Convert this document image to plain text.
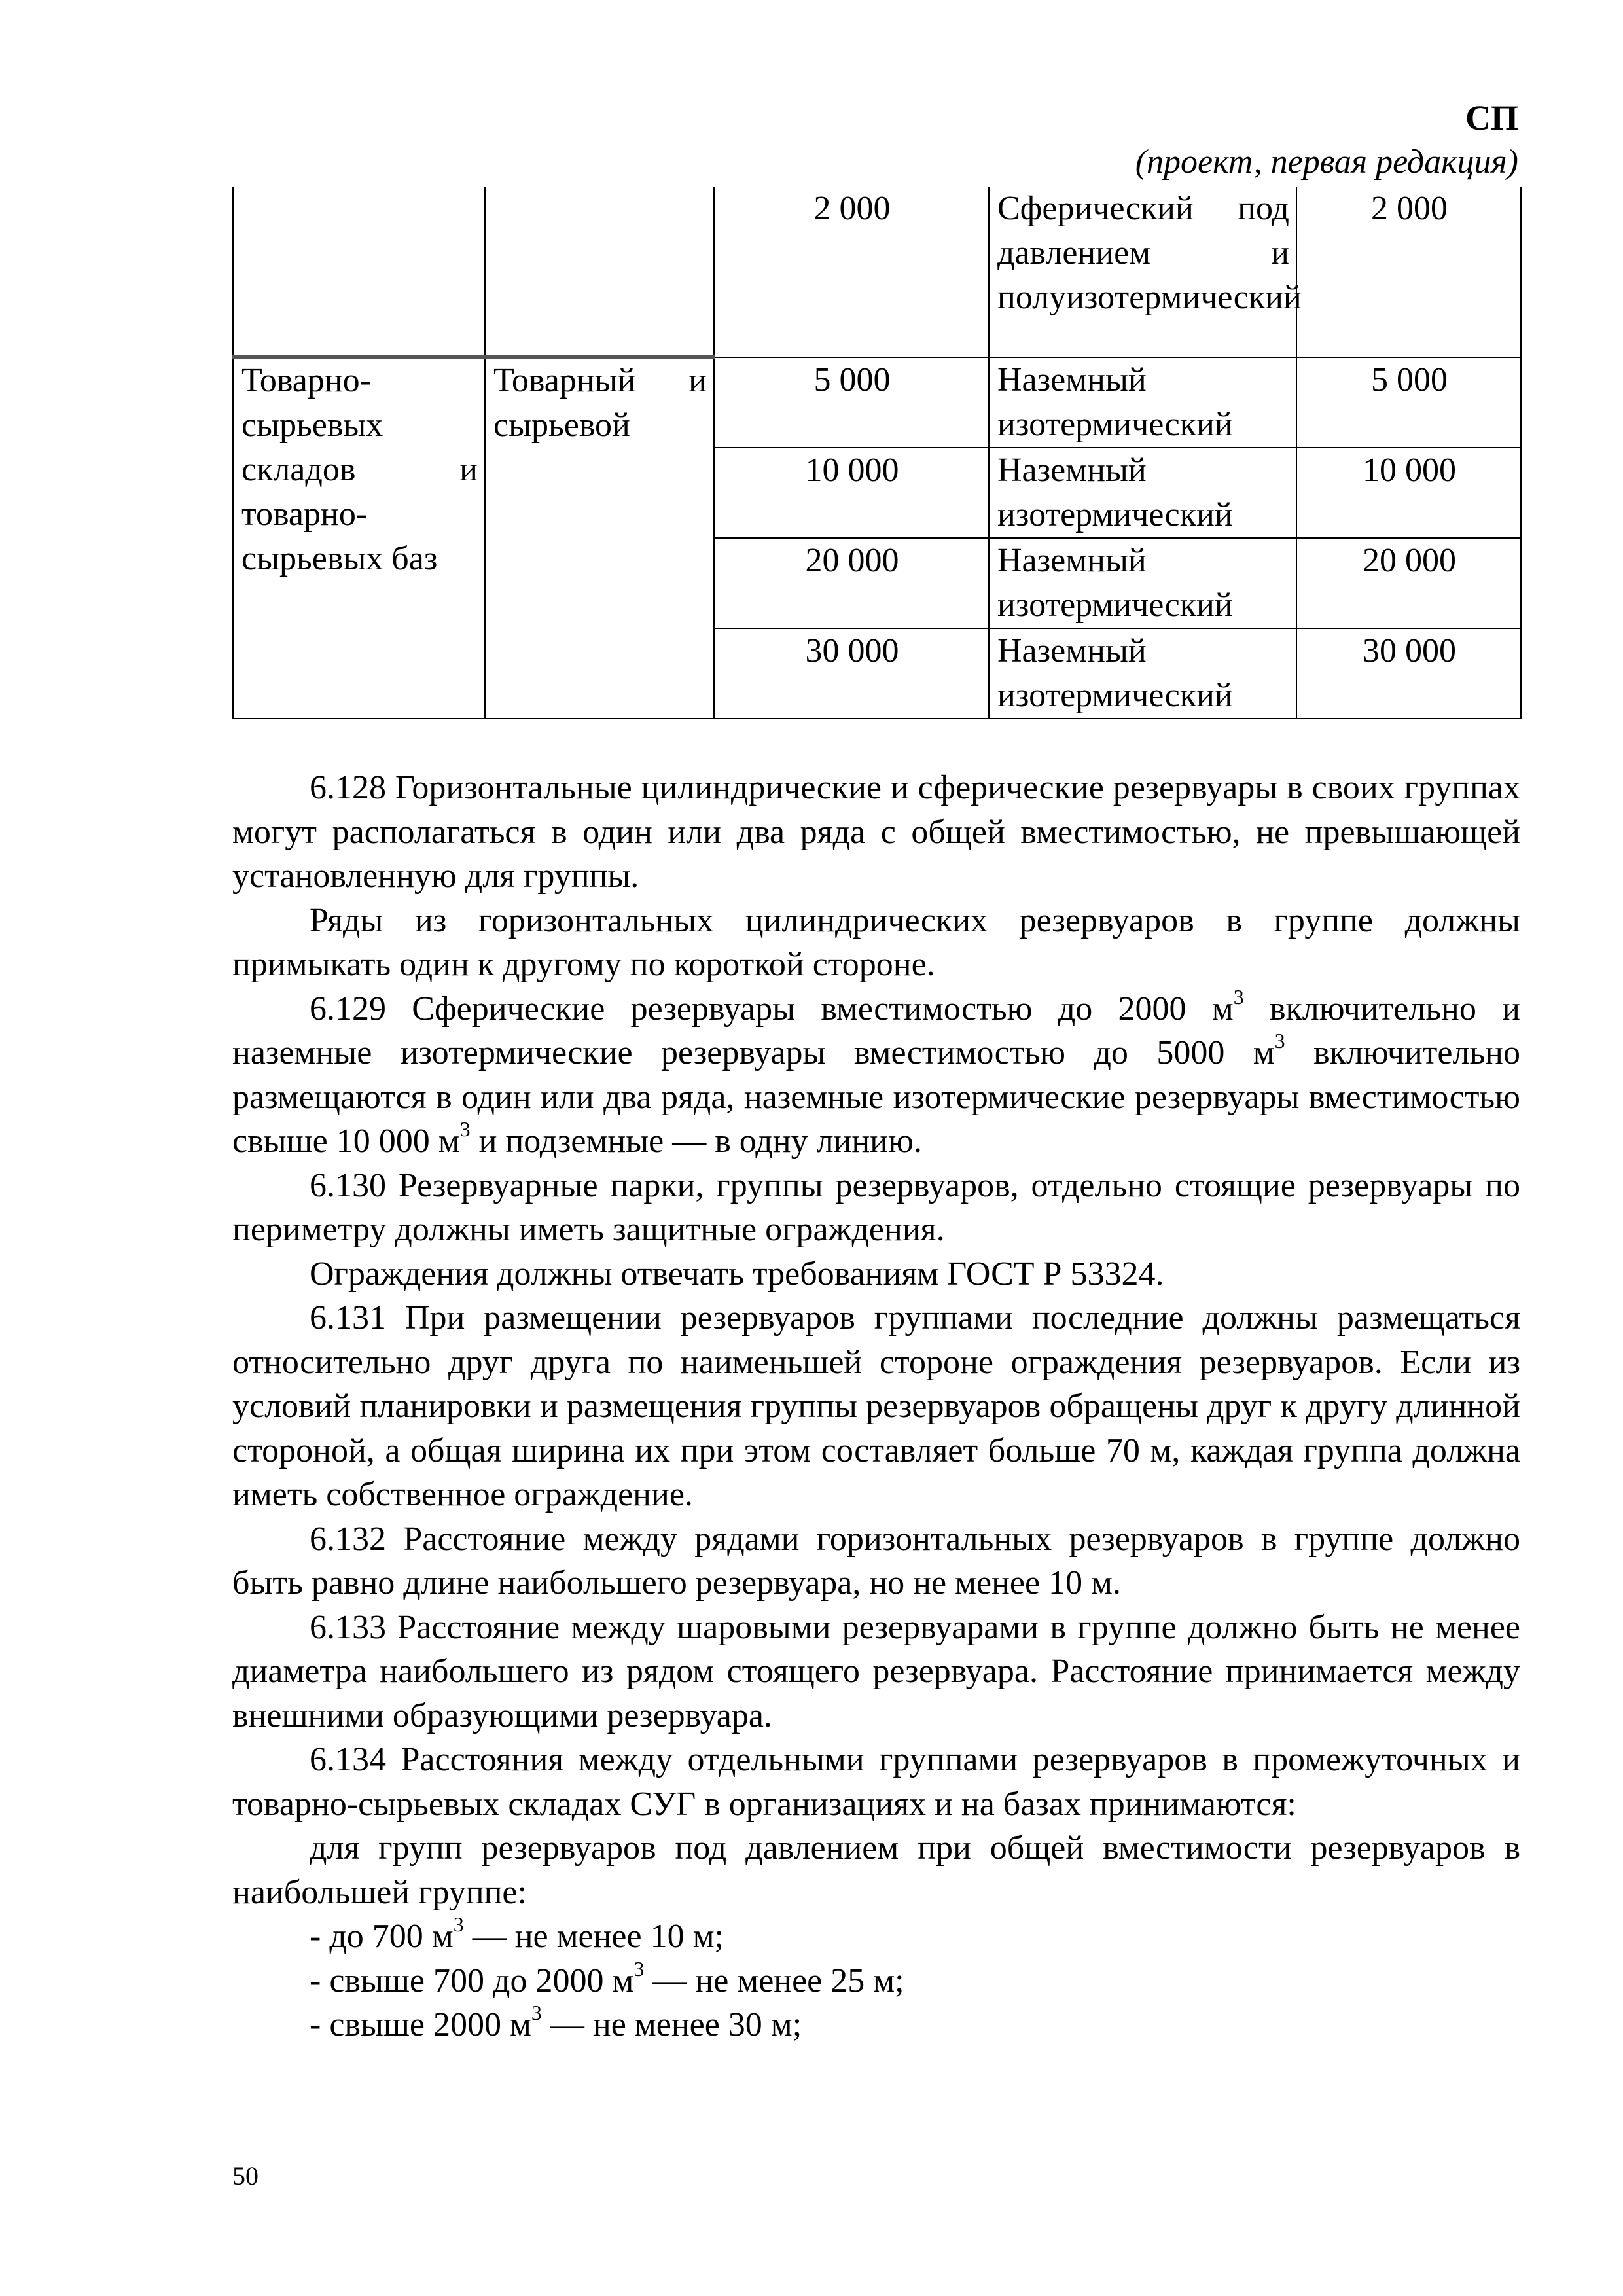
СП
(проект, первая редакция)
		2 000	Сферический под давлением и полуизотермический	2 000
Товарно-сырьевых складов и товарно-сырьевых баз	Товарный и сырьевой	5 000	Наземный изотермический	5 000
		10 000	Наземный изотермический	10 000
		20 000	Наземный изотермический	20 000
		30 000	Наземный изотермический	30 000

6.128 Горизонтальные цилиндрические и сферические резервуары в своих группах могут располагаться в один или два ряда с общей вместимостью, не превышающей установленную для группы.

Ряды из горизонтальных цилиндрических резервуаров в группе должны примыкать один к другому по короткой стороне.

6.129 Сферические резервуары вместимостью до 2000 $м^3$ включительно и наземные изотермические резервуары вместимостью до 5000 $м^3$ включительно размещаются в один или два ряда, наземные изотермические резервуары вместимостью свыше 10 000 $м^3$ и подземные — в одну линию.

6.130 Резервуарные парки, группы резервуаров, отдельно стоящие резервуары по периметру должны иметь защитные ограждения.

Ограждения должны отвечать требованиям ГОСТ Р 53324.

6.131 При размещении резервуаров группами последние должны размещаться относительно друг друга по наименьшей стороне ограждения резервуаров. Если из условий планировки и размещения группы резервуаров обращены друг к другу длинной стороной, а общая ширина их при этом составляет больше 70 м, каждая группа должна иметь собственное ограждение.

6.132 Расстояние между рядами горизонтальных резервуаров в группе должно быть равно длине наибольшего резервуара, но не менее 10 м.

6.133 Расстояние между шаровыми резервуарами в группе должно быть не менее диаметра наибольшего из рядом стоящего резервуара. Расстояние принимается между внешними образующими резервуара.

6.134 Расстояния между отдельными группами резервуаров в промежуточных и товарно-сырьевых складах СУГ в организациях и на базах принимаются:

для групп резервуаров под давлением при общей вместимости резервуаров в наибольшей группе:

- до 700 $м^3$ — не менее 10 м;

- свыше 700 до 2000 $м^3$ — не менее 25 м;

- свыше 2000 $м^3$ — не менее 30 м;

50
